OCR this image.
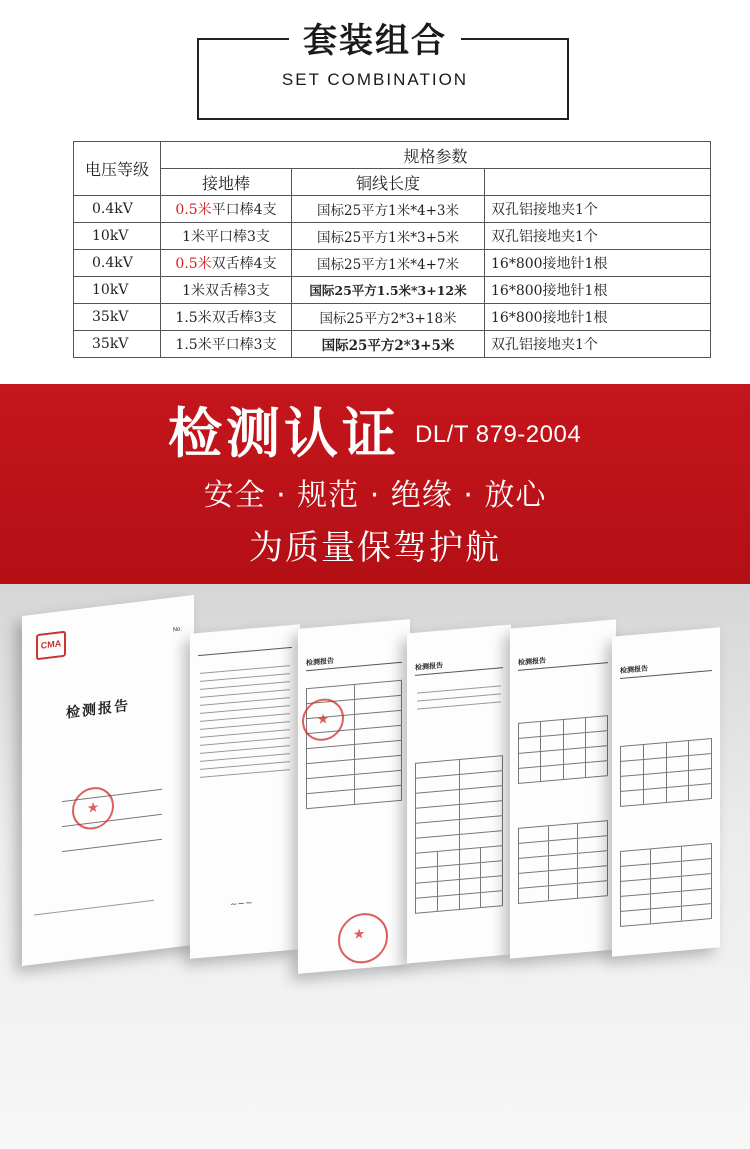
套装组合
SET COMBINATION
电压等级	规格参数		
	接地棒	铜线长度	
0.4kV	0.5米平口棒4支	国标25平方1米*4+3米	双孔铝接地夹1个
10kV	1米平口棒3支	国标25平方1米*3+5米	双孔铝接地夹1个
0.4kV	0.5米双舌棒4支	国标25平方1米*4+7米	16*800接地针1根
10kV	1米双舌棒3支	国际25平方1.5米*3+12米	16*800接地针1根
35kV	1.5米双舌棒3支	国标25平方2*3+18米	16*800接地针1根
35kV	1.5米平口棒3支	国际25平方2*3+5米	双孔铝接地夹1个
检测认证 DL/T 879-2004
安全 · 规范 · 绝缘 · 放心
为质量保驾护航
CMA
No:
检测报告
★
~~~
检测报告
★
★	检测报告	检测报告
检测报告
